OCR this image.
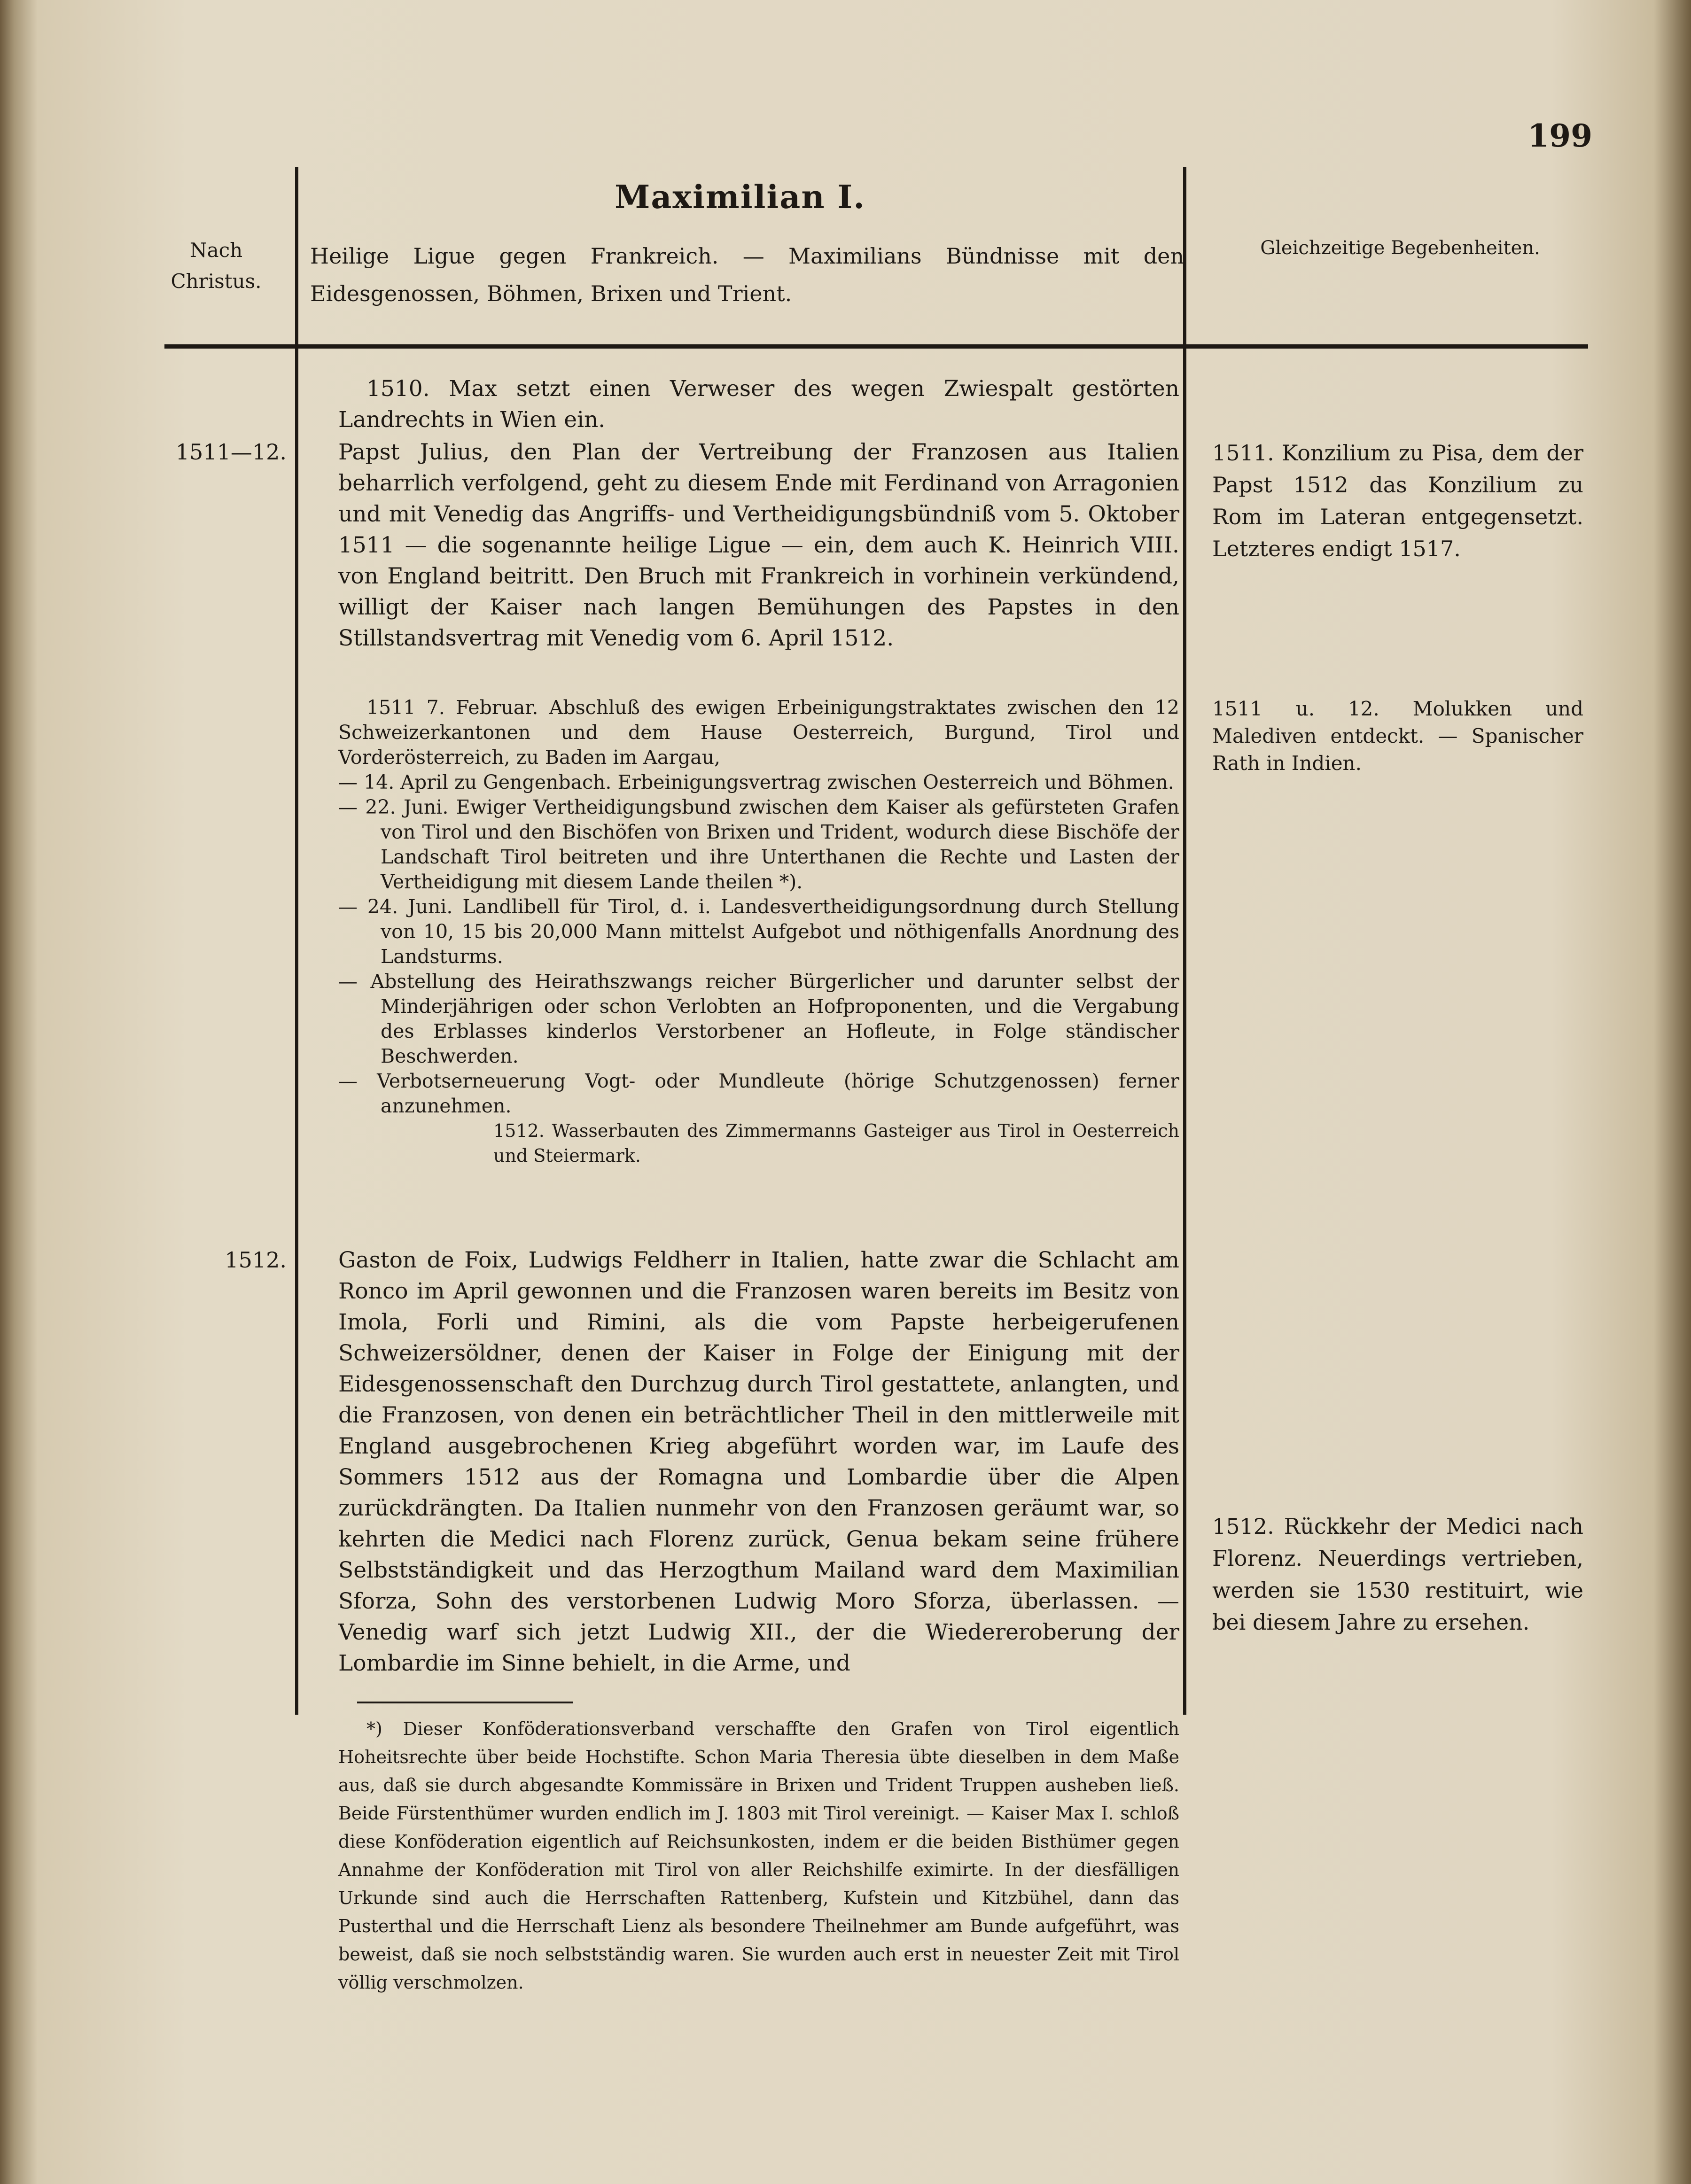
199
Nach Christus.
Maximilian I.
Heilige Ligue gegen Frankreich. — Maximilians Bündnisse mit den Eidesgenossen, Böhmen, Brixen und Trient.
Gleichzeitige Begebenheiten.
1510. Max setzt einen Verweser des wegen Zwiespalt gestörten Landrechts in Wien ein.
1511—12. Papst Julius, den Plan der Vertreibung der Franzosen aus Italien beharrlich verfolgend, geht zu diesem Ende mit Ferdinand von Arragonien und mit Venedig das Angriffs- und Vertheidigungsbündniß vom 5. Oktober 1511 — die sogenannte heilige Ligue — ein, dem auch K. Heinrich VIII. von England beitritt. Den Bruch mit Frankreich in vorhinein verkündend, willigt der Kaiser nach langen Bemühungen des Papstes in den Stillstandsvertrag mit Venedig vom 6. April 1512.

1511 7. Februar. Abschluß des ewigen Erbeinigungstraktates zwischen den 12 Schweizerkantonen und dem Hause Oesterreich, Burgund, Tirol und Vorderösterreich, zu Baden im Aargau,

— 14. April zu Gengenbach. Erbeinigungsvertrag zwischen Oesterreich und Böhmen.

— 22. Juni. Ewiger Vertheidigungsbund zwischen dem Kaiser als gefürsteten Grafen von Tirol und den Bischöfen von Brixen und Trident, wodurch diese Bischöfe der Landschaft Tirol beitreten und ihre Unterthanen die Rechte und Lasten der Vertheidigung mit diesem Lande theilen *).

— 24. Juni. Landlibell für Tirol, d. i. Landesvertheidigungsordnung durch Stellung von 10, 15 bis 20,000 Mann mittelst Aufgebot und nöthigenfalls Anordnung des Landsturms.

— Abstellung des Heirathszwangs reicher Bürgerlicher und darunter selbst der Minderjährigen oder schon Verlobten an Hofproponenten, und die Vergabung des Erblasses kinderlos Verstorbener an Hofleute, in Folge ständischer Beschwerden.

— Verbotserneuerung Vogt- oder Mundleute (hörige Schutzgenossen) ferner anzunehmen.

1512. Wasserbauten des Zimmermanns Gasteiger aus Tirol in Oesterreich und Steiermark.

1512. Gaston de Foix, Ludwigs Feldherr in Italien, hatte zwar die Schlacht am Ronco im April gewonnen und die Franzosen waren bereits im Besitz von Imola, Forli und Rimini, als die vom Papste herbeigerufenen Schweizersöldner, denen der Kaiser in Folge der Einigung mit der Eidesgenossenschaft den Durchzug durch Tirol gestattete, anlangten, und die Franzosen, von denen ein beträchtlicher Theil in den mittlerweile mit England ausgebrochenen Krieg abgeführt worden war, im Laufe des Sommers 1512 aus der Romagna und Lombardie über die Alpen zurückdrängten. Da Italien nunmehr von den Franzosen geräumt war, so kehrten die Medici nach Florenz zurück, Genua bekam seine frühere Selbstständigkeit und das Herzogthum Mailand ward dem Maximilian Sforza, Sohn des verstorbenen Ludwig Moro Sforza, überlassen. — Venedig warf sich jetzt Ludwig XII., der die Wiedereroberung der Lombardie im Sinne behielt, in die Arme, und
1511. Konzilium zu Pisa, dem der Papst 1512 das Konzilium zu Rom im Lateran entgegensetzt. Letzteres endigt 1517.
1511 u. 12. Molukken und Malediven entdeckt. — Spanischer Rath in Indien.
1512. Rückkehr der Medici nach Florenz. Neuerdings vertrieben, werden sie 1530 restituirt, wie bei diesem Jahre zu ersehen.

*) Dieser Konföderationsverband verschaffte den Grafen von Tirol eigentlich Hoheitsrechte über beide Hochstifte. Schon Maria Theresia übte dieselben in dem Maße aus, daß sie durch abgesandte Kommissäre in Brixen und Trident Truppen ausheben ließ. Beide Fürstenthümer wurden endlich im J. 1803 mit Tirol vereinigt. — Kaiser Max I. schloß diese Konföderation eigentlich auf Reichsunkosten, indem er die beiden Bisthümer gegen Annahme der Konföderation mit Tirol von aller Reichshilfe eximirte. In der diesfälligen Urkunde sind auch die Herrschaften Rattenberg, Kufstein und Kitzbühel, dann das Pusterthal und die Herrschaft Lienz als besondere Theilnehmer am Bunde aufgeführt, was beweist, daß sie noch selbstständig waren. Sie wurden auch erst in neuester Zeit mit Tirol völlig verschmolzen.
